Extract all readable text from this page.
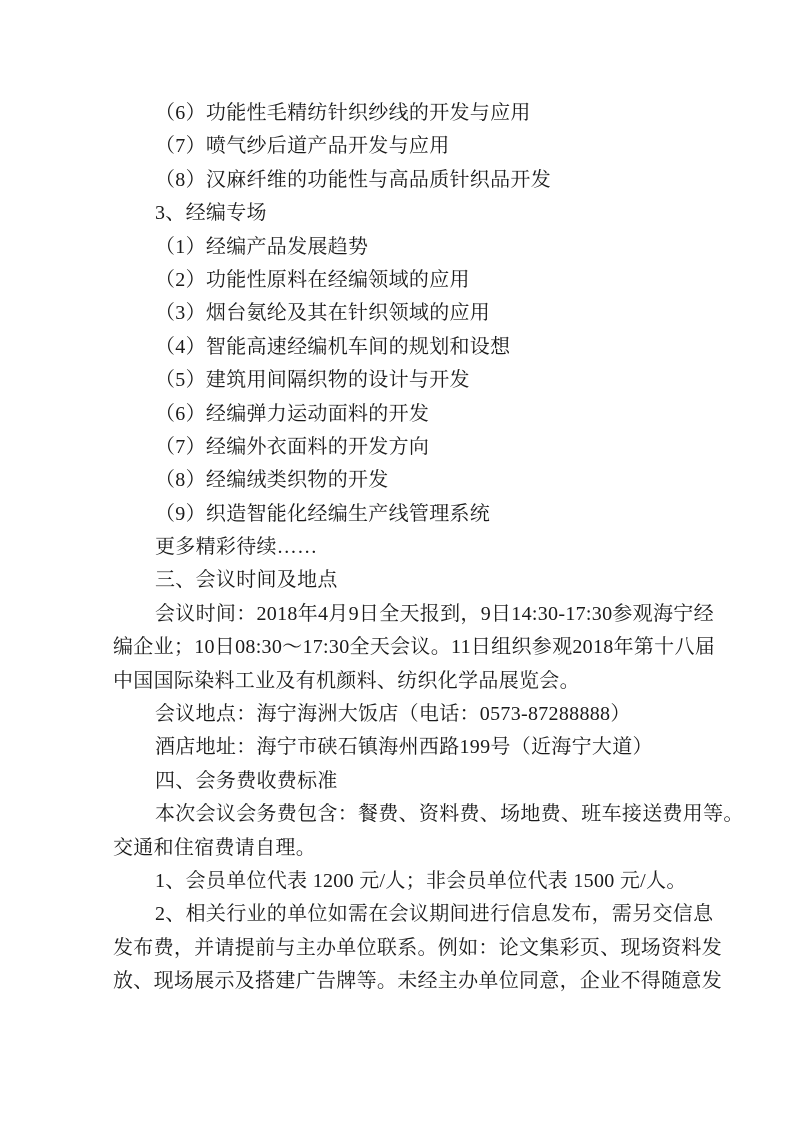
（6）功能性毛精纺针织纱线的开发与应用
（7）喷气纱后道产品开发与应用
（8）汉麻纤维的功能性与高品质针织品开发
3、经编专场
（1）经编产品发展趋势
（2）功能性原料在经编领域的应用
（3）烟台氨纶及其在针织领域的应用
（4）智能高速经编机车间的规划和设想
（5）建筑用间隔织物的设计与开发
（6）经编弹力运动面料的开发
（7）经编外衣面料的开发方向
（8）经编绒类织物的开发
（9）织造智能化经编生产线管理系统
更多精彩待续……
三、会议时间及地点
会议时间：2018年4月9日全天报到，9日14:30-17:30参观海宁经
编企业；10日08:30～17:30全天会议。11日组织参观2018年第十八届
中国国际染料工业及有机颜料、纺织化学品展览会。
会议地点：海宁海洲大饭店（电话：0573-87288888）
酒店地址：海宁市硖石镇海州西路199号（近海宁大道）
四、会务费收费标准
本次会议会务费包含：餐费、资料费、场地费、班车接送费用等。
交通和住宿费请自理。
1、会员单位代表 1200 元/人；非会员单位代表 1500 元/人。
2、相关行业的单位如需在会议期间进行信息发布，需另交信息
发布费，并请提前与主办单位联系。例如：论文集彩页、现场资料发
放、现场展示及搭建广告牌等。未经主办单位同意，企业不得随意发
